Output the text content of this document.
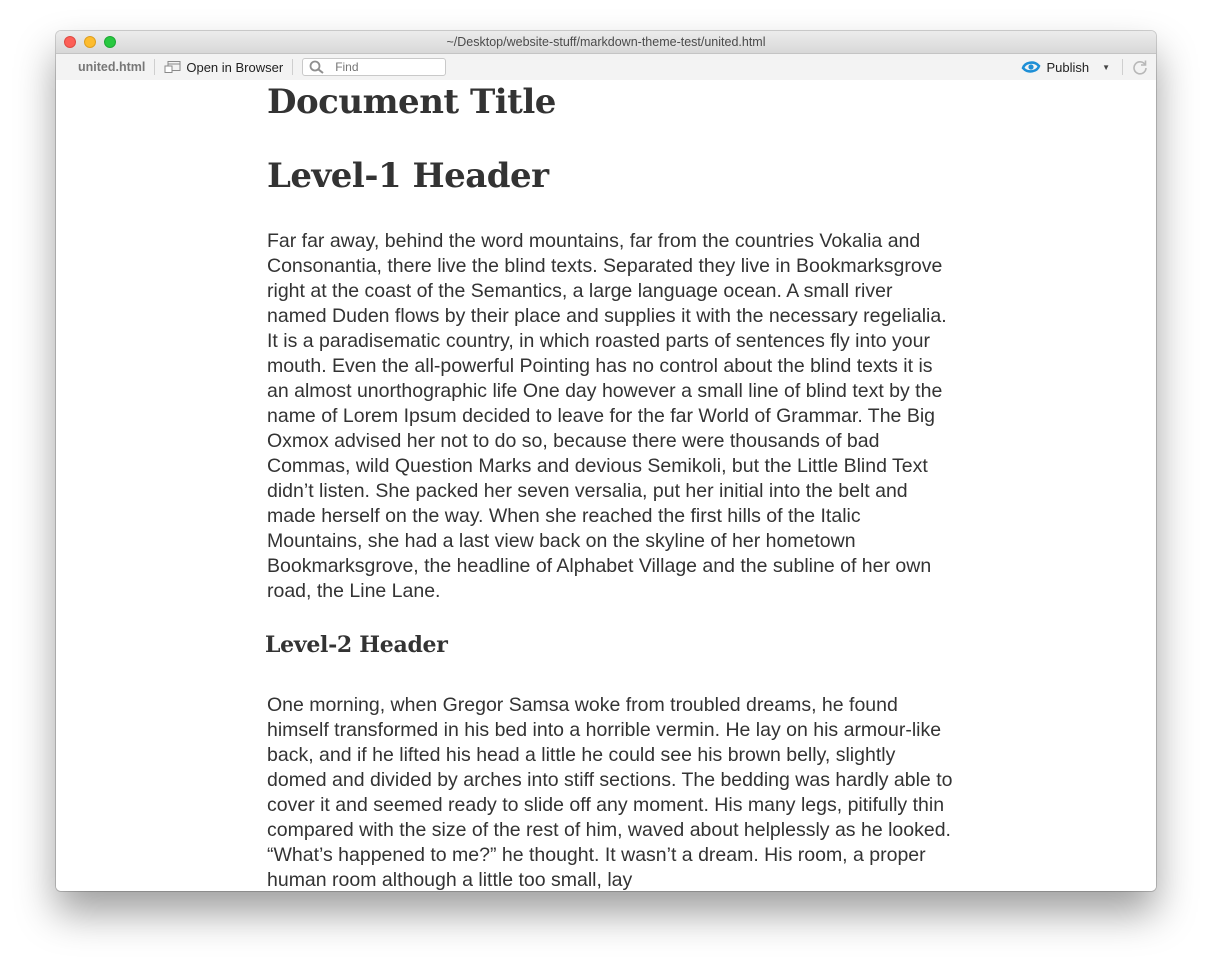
~/Desktop/website-stuff/markdown-theme-test/united.html
united.html	Open in Browser
Find	Publish ▼
Document Title
Level-1 Header

Far far away, behind the word mountains, far from the countries Vokalia and Consonantia, there live the blind texts. Separated they live in Bookmarksgrove right at the coast of the Semantics, a large language ocean. A small river named Duden flows by their place and supplies it with the necessary regelialia. It is a paradisematic country, in which roasted parts of sentences fly into your mouth. Even the all-powerful Pointing has no control about the blind texts it is an almost unorthographic life One day however a small line of blind text by the name of Lorem Ipsum decided to leave for the far World of Grammar. The Big Oxmox advised her not to do so, because there were thousands of bad Commas, wild Question Marks and devious Semikoli, but the Little Blind Text didn’t listen. She packed her seven versalia, put her initial into the belt and made herself on the way. When she reached the first hills of the Italic Mountains, she had a last view back on the skyline of her hometown Bookmarksgrove, the headline of Alphabet Village and the subline of her own road, the Line Lane.

Level-2 Header

One morning, when Gregor Samsa woke from troubled dreams, he found himself transformed in his bed into a horrible vermin. He lay on his armour-like back, and if he lifted his head a little he could see his brown belly, slightly domed and divided by arches into stiff sections. The bedding was hardly able to cover it and seemed ready to slide off any moment. His many legs, pitifully thin compared with the size of the rest of him, waved about helplessly as he looked. “What’s happened to me?” he thought. It wasn’t a dream. His room, a proper human room although a little too small, lay
